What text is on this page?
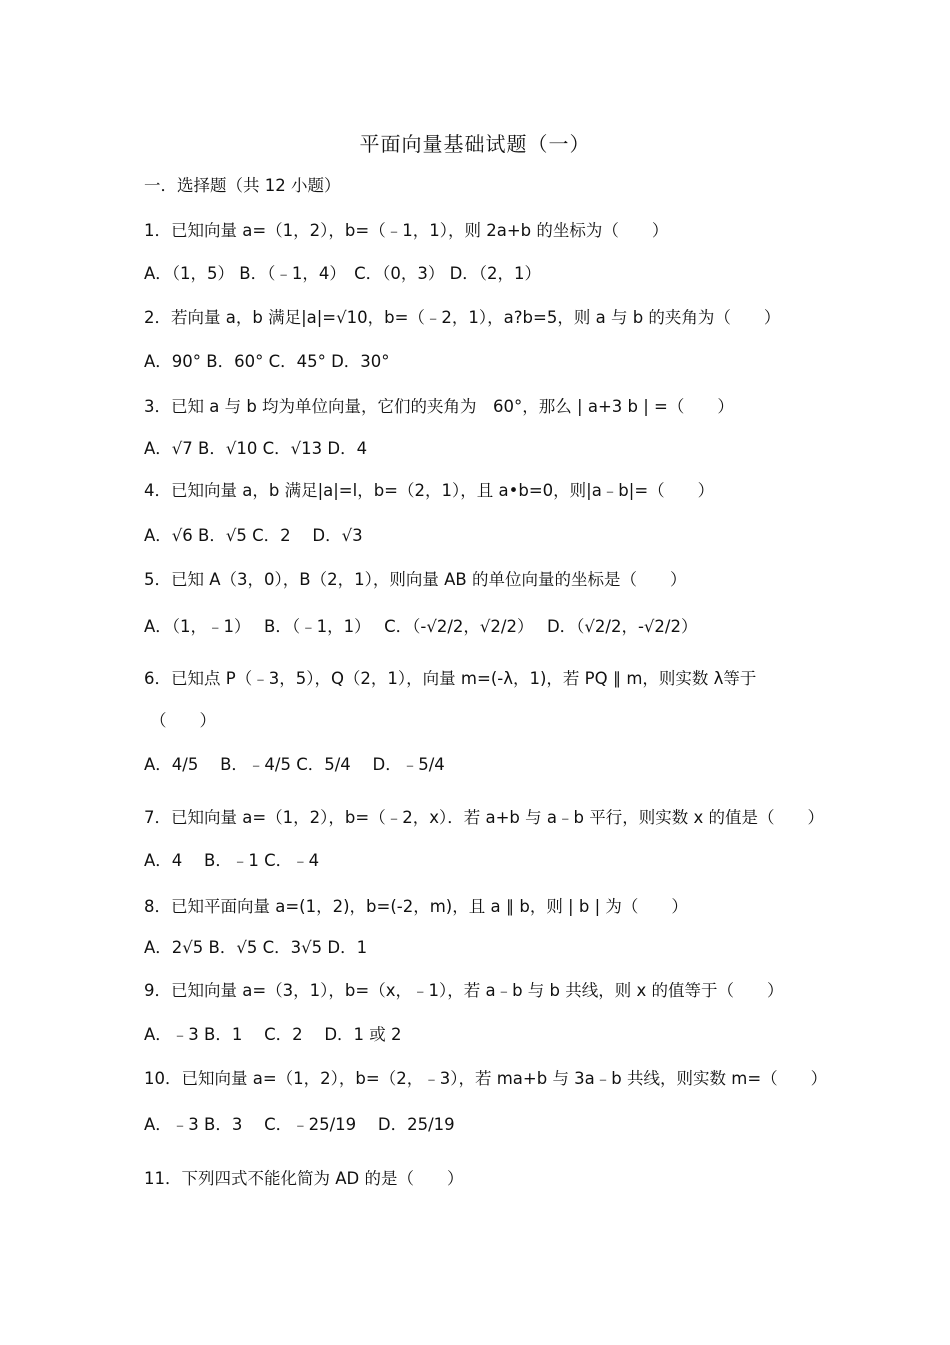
平面向量基础试题（一）
一．选择题（共 12 小题）
1．已知向量 a=（1，2），b=（﹣1，1），则 2a+b 的坐标为（　　）
A．（1，5） B．（﹣1，4）　C．（0，3） D．（2，1）
2．若向量 a，b 满足|a|=√10，b=（﹣2，1），a?b=5，则 a 与 b 的夹角为（　　）
A．90° B．60° C．45° D．30°
3．已知 a 与 b 均为单位向量，它们的夹角为　60°，那么 | a+3 b | =（　　）
A．√7 B．√10 C．√13 D．4
4．已知向量 a，b 满足|a|=l，b=（2，1），且 a•b=0，则|a﹣b|=（　　）
A．√6 B．√5 C．2　 D．√3
5．已知 A（3，0），B（2，1），则向量 AB 的单位向量的坐标是（　　）
A．（1，﹣1）　 B．（﹣1，1）　 C．（-√2/2，√2/2）　 D．（√2/2，-√2/2）
6．已知点 P（﹣3，5），Q（2，1），向量 m=(-λ，1)，若 PQ ∥ m，则实数 λ等于
（　　）
A．4/5　 B．﹣4/5 C．5/4　 D．﹣5/4
7．已知向量 a=（1，2），b=（﹣2，x）．若 a+b 与 a﹣b 平行，则实数 x 的值是（　　）
A．4　 B．﹣1 C．﹣4
8．已知平面向量 a=(1，2)，b=(-2，m)，且 a ∥ b，则 | b | 为（　　）
A．2√5 B．√5 C．3√5 D．1
9．已知向量 a=（3，1），b=（x，﹣1），若 a﹣b 与 b 共线，则 x 的值等于（　　）
A．﹣3 B．1　 C．2　 D．1 或 2
10．已知向量 a=（1，2），b=（2，﹣3），若 ma+b 与 3a﹣b 共线，则实数 m=（　　）
A．﹣3 B．3　 C．﹣25/19　 D．25/19
11．下列四式不能化简为 AD 的是（　　）
